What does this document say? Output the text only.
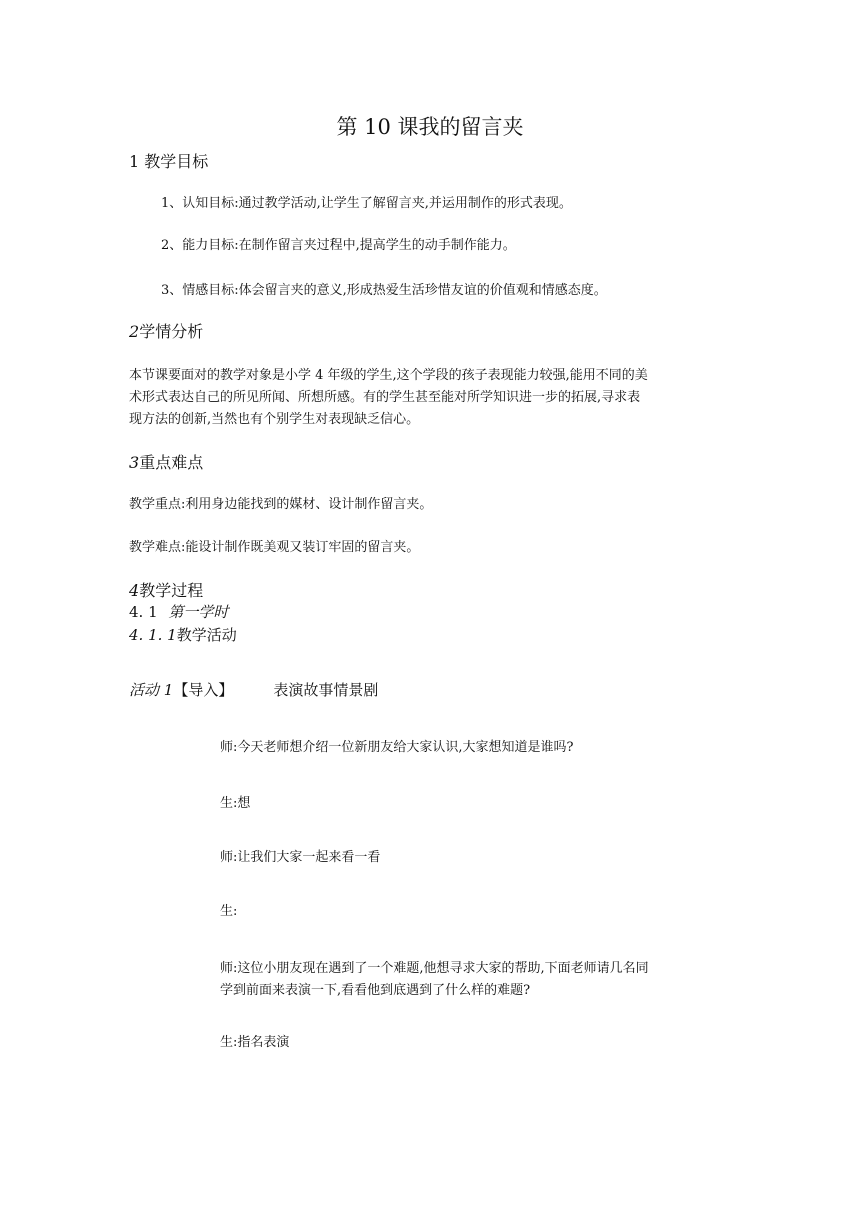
第 10 课我的留言夹
1 教学目标
1、认知目标:通过教学活动,让学生了解留言夹,并运用制作的形式表现。
2、能力目标:在制作留言夹过程中,提高学生的动手制作能力。
3、情感目标:体会留言夹的意义,形成热爱生活珍惜友谊的价值观和情感态度。
2学情分析
本节课要面对的教学对象是小学 4 年级的学生,这个学段的孩子表现能力较强,能用不同的美
术形式表达自己的所见所闻、所想所感。有的学生甚至能对所学知识进一步的拓展,寻求表
现方法的创新,当然也有个别学生对表现缺乏信心。
3重点难点
教学重点:利用身边能找到的媒材、设计制作留言夹。
教学难点:能设计制作既美观又装订牢固的留言夹。
4教学过程
4. 1 第一学时
4. 1. 1教学活动
活动 1【导入】	表演故事情景剧
师:今天老师想介绍一位新朋友给大家认识,大家想知道是谁吗?
生:想
师:让我们大家一起来看一看
生:
师:这位小朋友现在遇到了一个难题,他想寻求大家的帮助,下面老师请几名同
学到前面来表演一下,看看他到底遇到了什么样的难题?
生:指名表演
